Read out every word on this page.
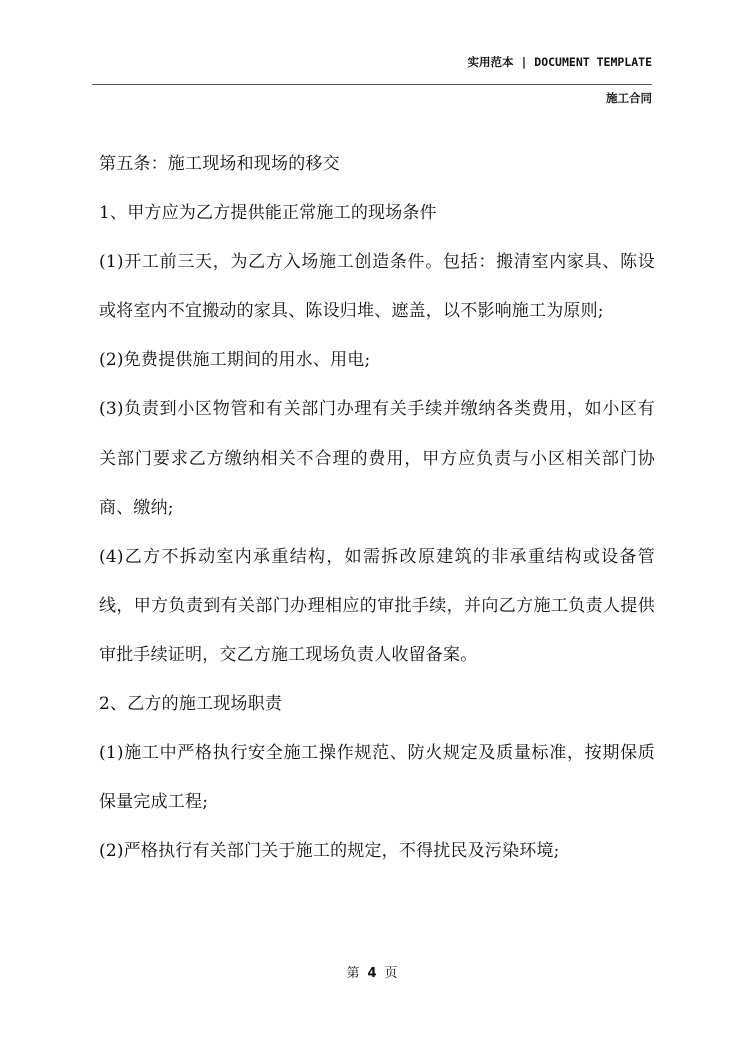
实用范本 | DOCUMENT TEMPLATE
施工合同

第五条：施工现场和现场的移交

1、甲方应为乙方提供能正常施工的现场条件

(1)开工前三天，为乙方入场施工创造条件。包括：搬清室内家具、陈设或将室内不宜搬动的家具、陈设归堆、遮盖，以不影响施工为原则;

(2)免费提供施工期间的用水、用电;

(3)负责到小区物管和有关部门办理有关手续并缴纳各类费用，如小区有关部门要求乙方缴纳相关不合理的费用，甲方应负责与小区相关部门协商、缴纳;

(4)乙方不拆动室内承重结构，如需拆改原建筑的非承重结构或设备管线，甲方负责到有关部门办理相应的审批手续，并向乙方施工负责人提供审批手续证明，交乙方施工现场负责人收留备案。

2、乙方的施工现场职责

(1)施工中严格执行安全施工操作规范、防火规定及质量标准，按期保质保量完成工程;

(2)严格执行有关部门关于施工的规定，不得扰民及污染环境;

第 4 页
